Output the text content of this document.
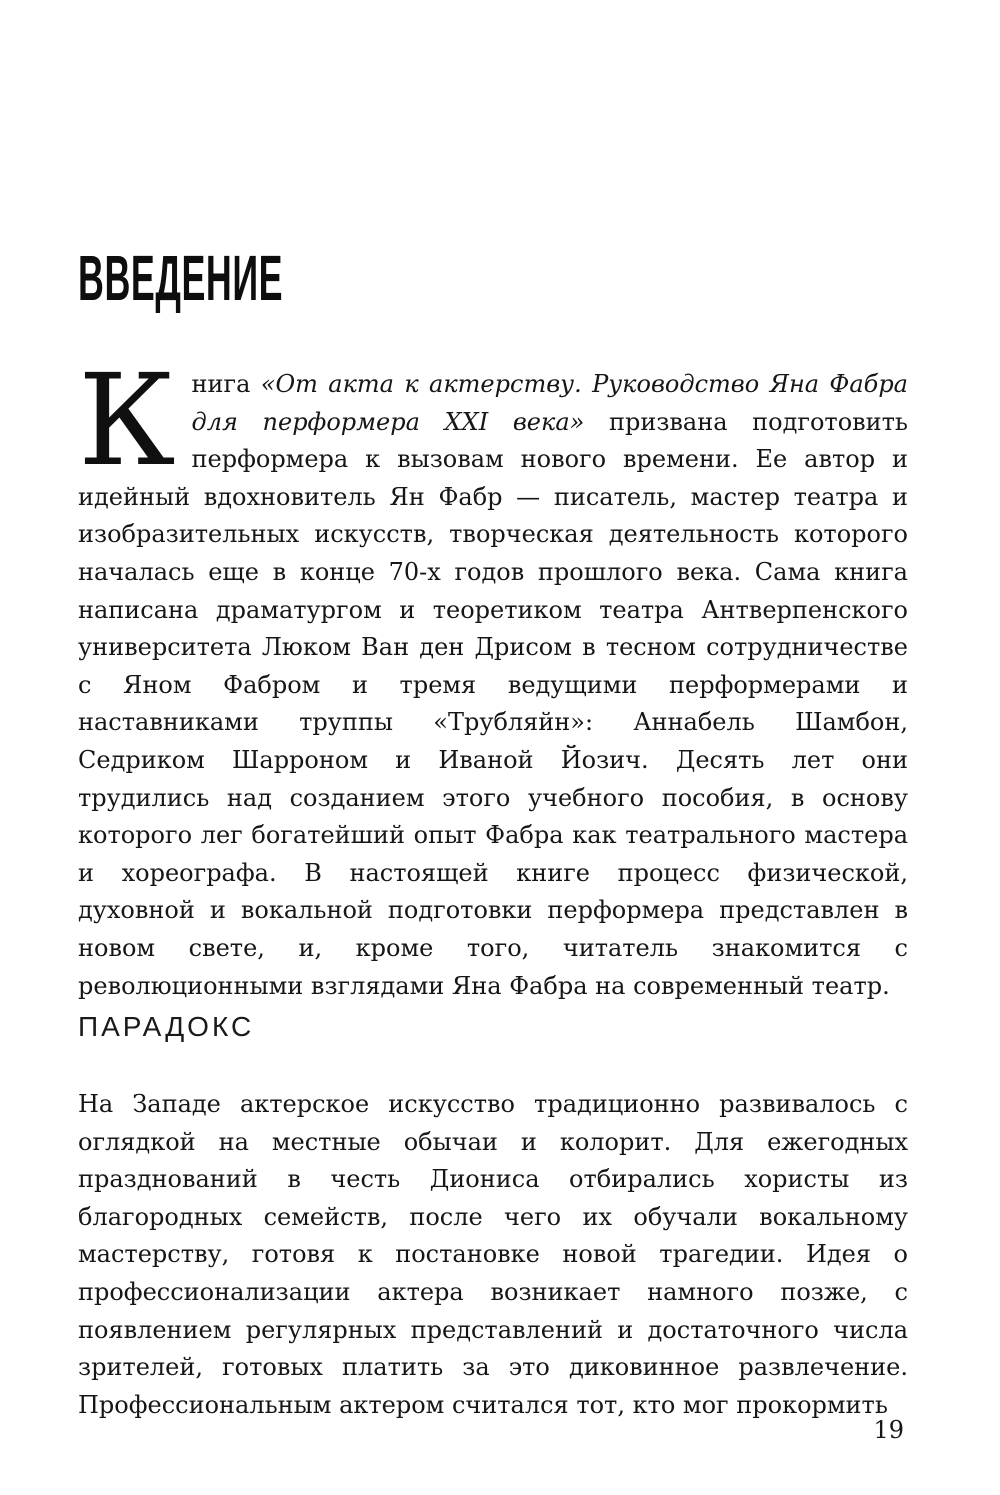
ВВЕДЕНИЕ

Книга «От акта к актерству. Руководство Яна Фабра для перформера XXI века» призвана подготовить перформера к вызовам нового времени. Ее автор и идейный вдохновитель Ян Фабр — писатель, мастер театра и изобразительных искусств, творческая деятельность которого началась еще в конце 70-х годов прошлого века. Сама книга написана драматургом и теоретиком театра Антверпенского университета Люком Ван ден Дрисом в тесном сотрудничестве с Яном Фабром и тремя ведущими перформерами и наставниками труппы «Трубляйн»: Аннабель Шамбон, Седриком Шарроном и Иваной Йозич. Десять лет они трудились над созданием этого учебного пособия, в основу которого лег богатейший опыт Фабра как театрального мастера и хореографа. В настоящей книге процесс физической, духовной и вокальной подготовки перформера представлен в новом свете, и, кроме того, читатель знакомится с революционными взглядами Яна Фабра на современный театр.

ПАРАДОКС

На Западе актерское искусство традиционно развивалось с оглядкой на местные обычаи и колорит. Для ежегодных празднований в честь Диониса отбирались хористы из благородных семейств, после чего их обучали вокальному мастерству, готовя к постановке новой трагедии. Идея о профессионализации актера возникает намного позже, с появлением регулярных представлений и достаточного числа зрителей, готовых платить за это диковинное развлечение. Профессиональным актером считался тот, кто мог прокормить

19
